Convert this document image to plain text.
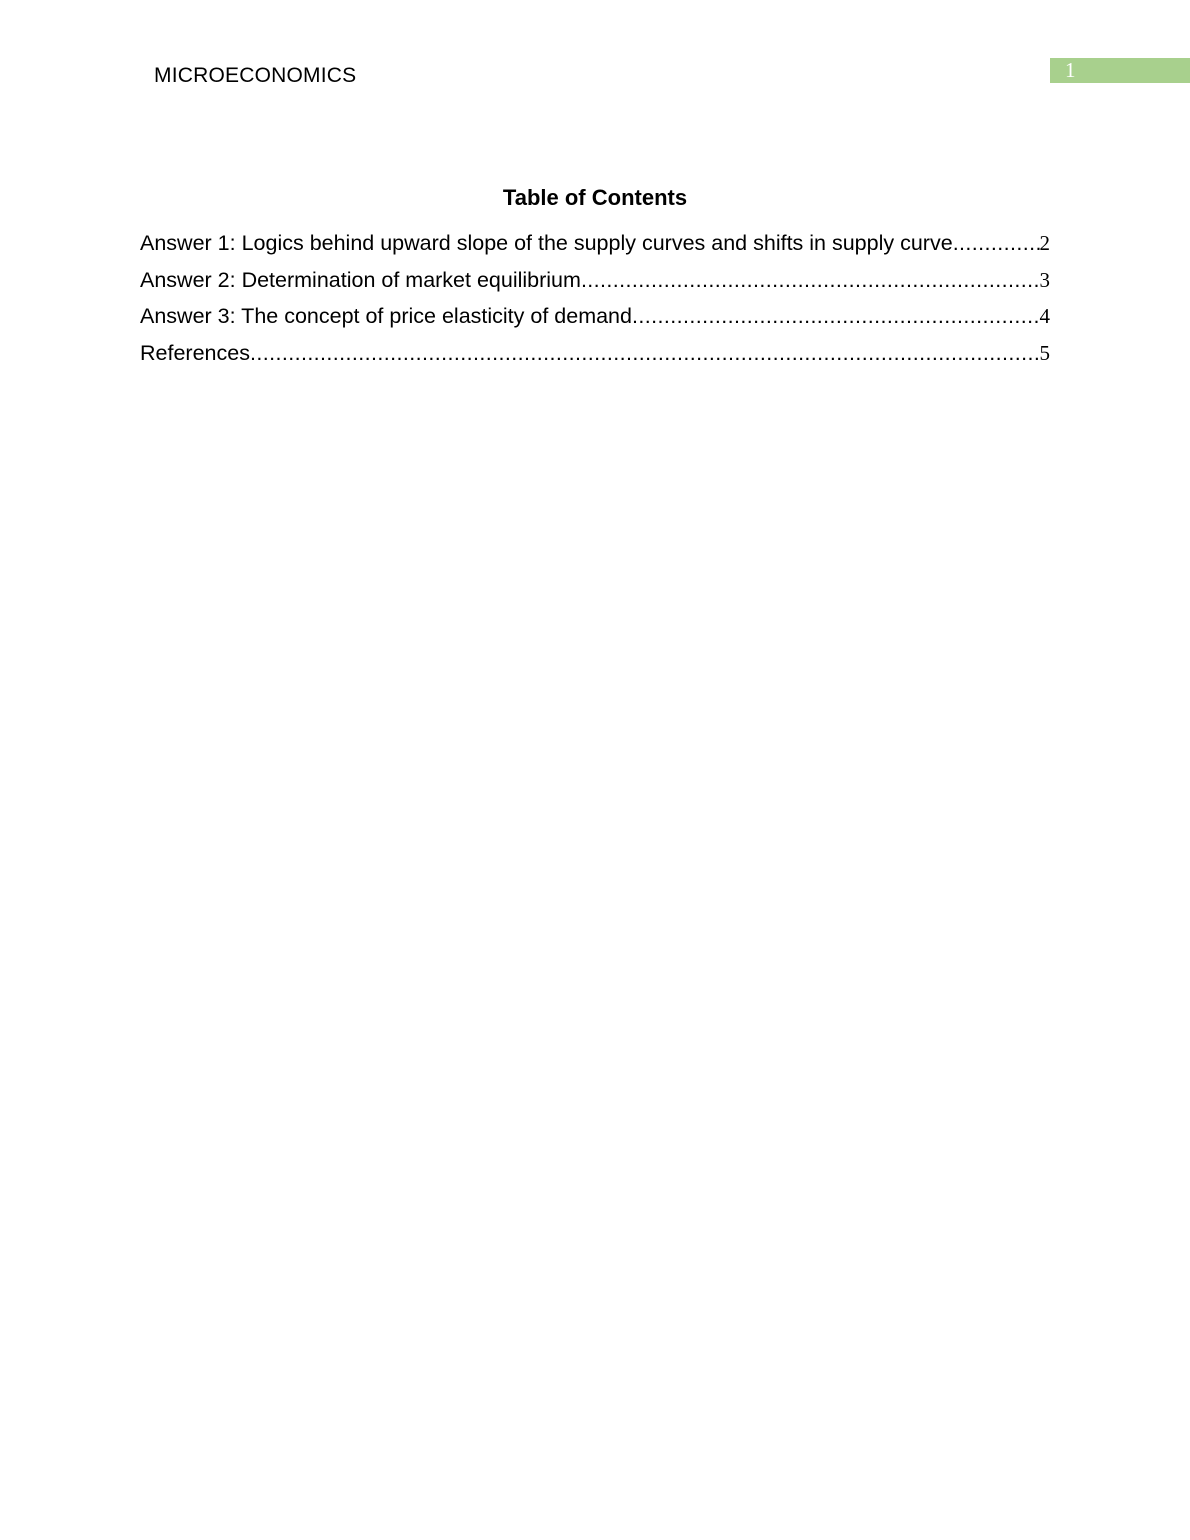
MICROECONOMICS	1
Table of Contents
Answer 1: Logics behind upward slope of the supply curves and shifts in supply curve .....	2
Answer 2: Determination of market equilibrium .....	3
Answer 3: The concept of price elasticity of demand .....	4
References .....	5
